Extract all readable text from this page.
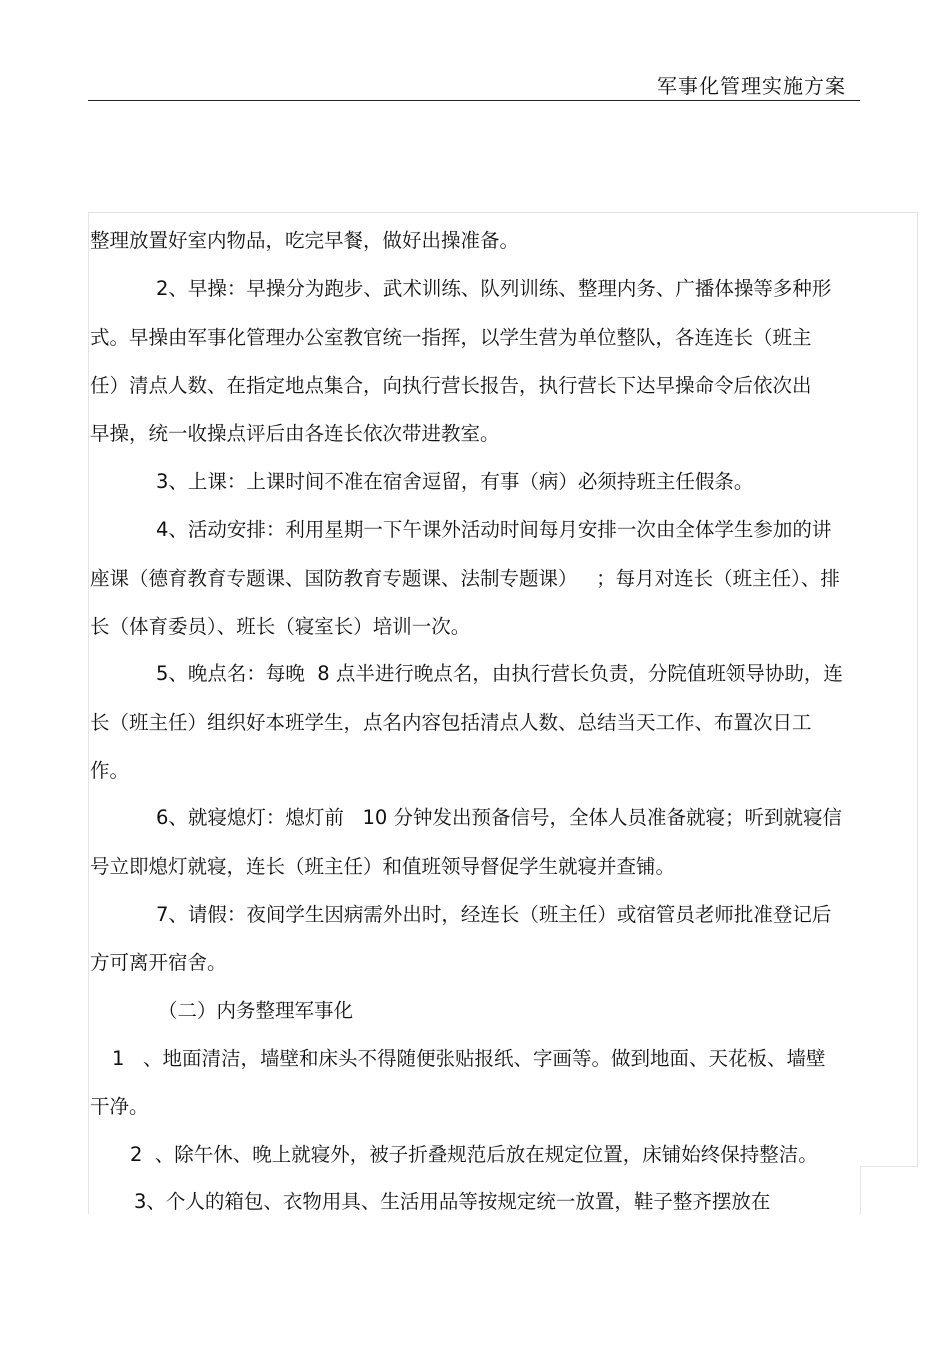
军事化管理实施方案
整理放置好室内物品，吃完早餐，做好出操准备。
2、早操：早操分为跑步、武术训练、队列训练、整理内务、广播体操等多种形
式。早操由军事化管理办公室教官统一指挥，以学生营为单位整队，各连连长（班主
任）清点人数、在指定地点集合，向执行营长报告，执行营长下达早操命令后依次出
早操，统一收操点评后由各连长依次带进教室。
3、上课：上课时间不准在宿舍逗留，有事（病）必须持班主任假条。
4、活动安排：利用星期一下午课外活动时间每月安排一次由全体学生参加的讲
座课（德育教育专题课、国防教育专题课、法制专题课）   ；每月对连长（班主任）、排
长（体育委员）、班长（寝室长）培训一次。
5、晚点名：每晚  8 点半进行晚点名，由执行营长负责，分院值班领导协助，连
长（班主任）组织好本班学生，点名内容包括清点人数、总结当天工作、布置次日工
作。
6、就寝熄灯：熄灯前   10 分钟发出预备信号，全体人员准备就寝；听到就寝信
号立即熄灯就寝，连长（班主任）和值班领导督促学生就寝并查铺。
7、请假：夜间学生因病需外出时，经连长（班主任）或宿管员老师批准登记后
方可离开宿舍。
（二）内务整理军事化
1   、地面清洁，墙壁和床头不得随便张贴报纸、字画等。做到地面、天花板、墙壁
干净。
2  、除午休、晚上就寝外，被子折叠规范后放在规定位置，床铺始终保持整洁。
3、个人的箱包、衣物用具、生活用品等按规定统一放置，鞋子整齐摆放在
